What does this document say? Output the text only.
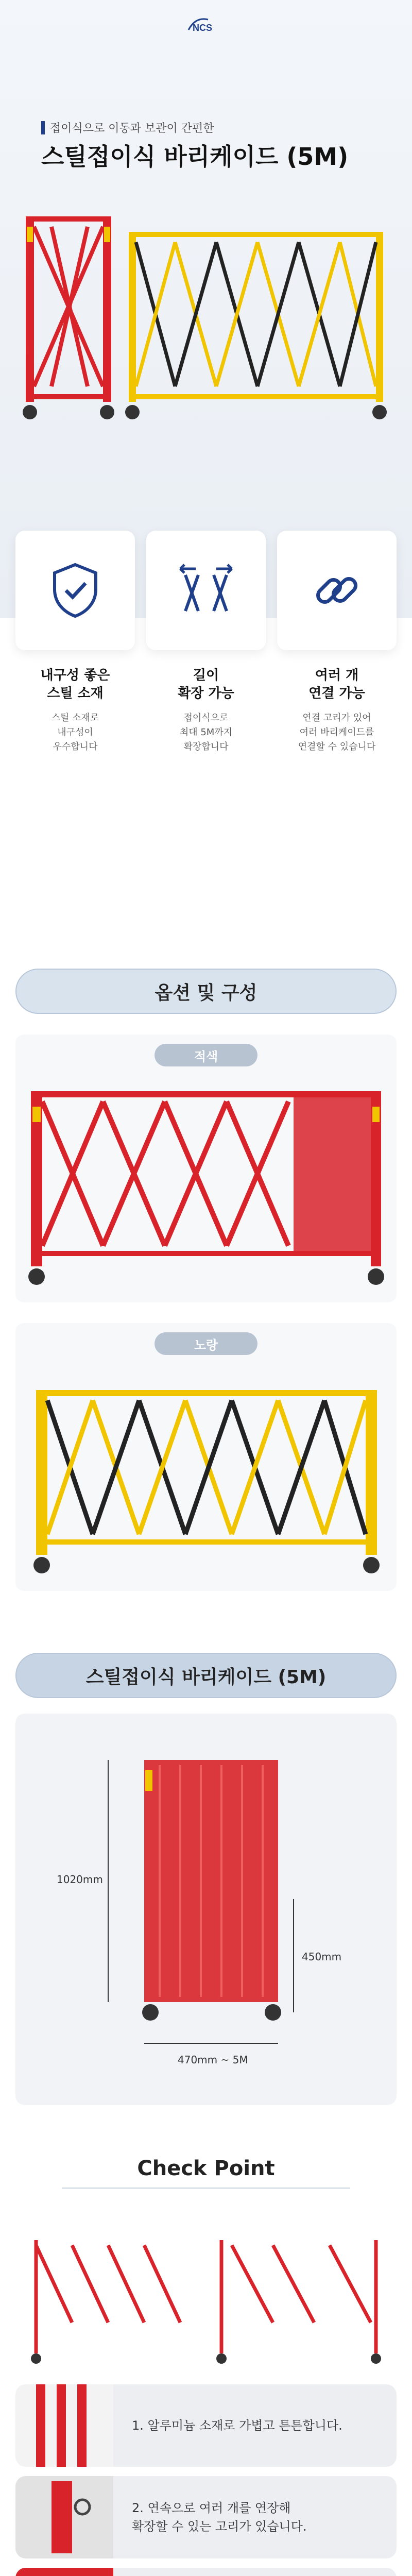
NCS
접이식으로 이동과 보관이 간편한
스틸접이식 바리케이드 (5M)
내구성 좋은
스틸 소재
스틸 소재로
내구성이
우수합니다
길이
확장 가능
접이식으로
최대 5M까지
확장합니다
여러 개
연결 가능
연결 고리가 있어
여러 바리케이드를
연결할 수 있습니다
옵션 및 구성
적색
노랑
스틸접이식 바리케이드 (5M)
1020mm
450mm
470mm ~ 5M
Check Point
1. 알루미늄 소재로 가볍고 튼튼합니다.
2. 연속으로 여러 개를 연장해
확장할 수 있는 고리가 있습니다.
